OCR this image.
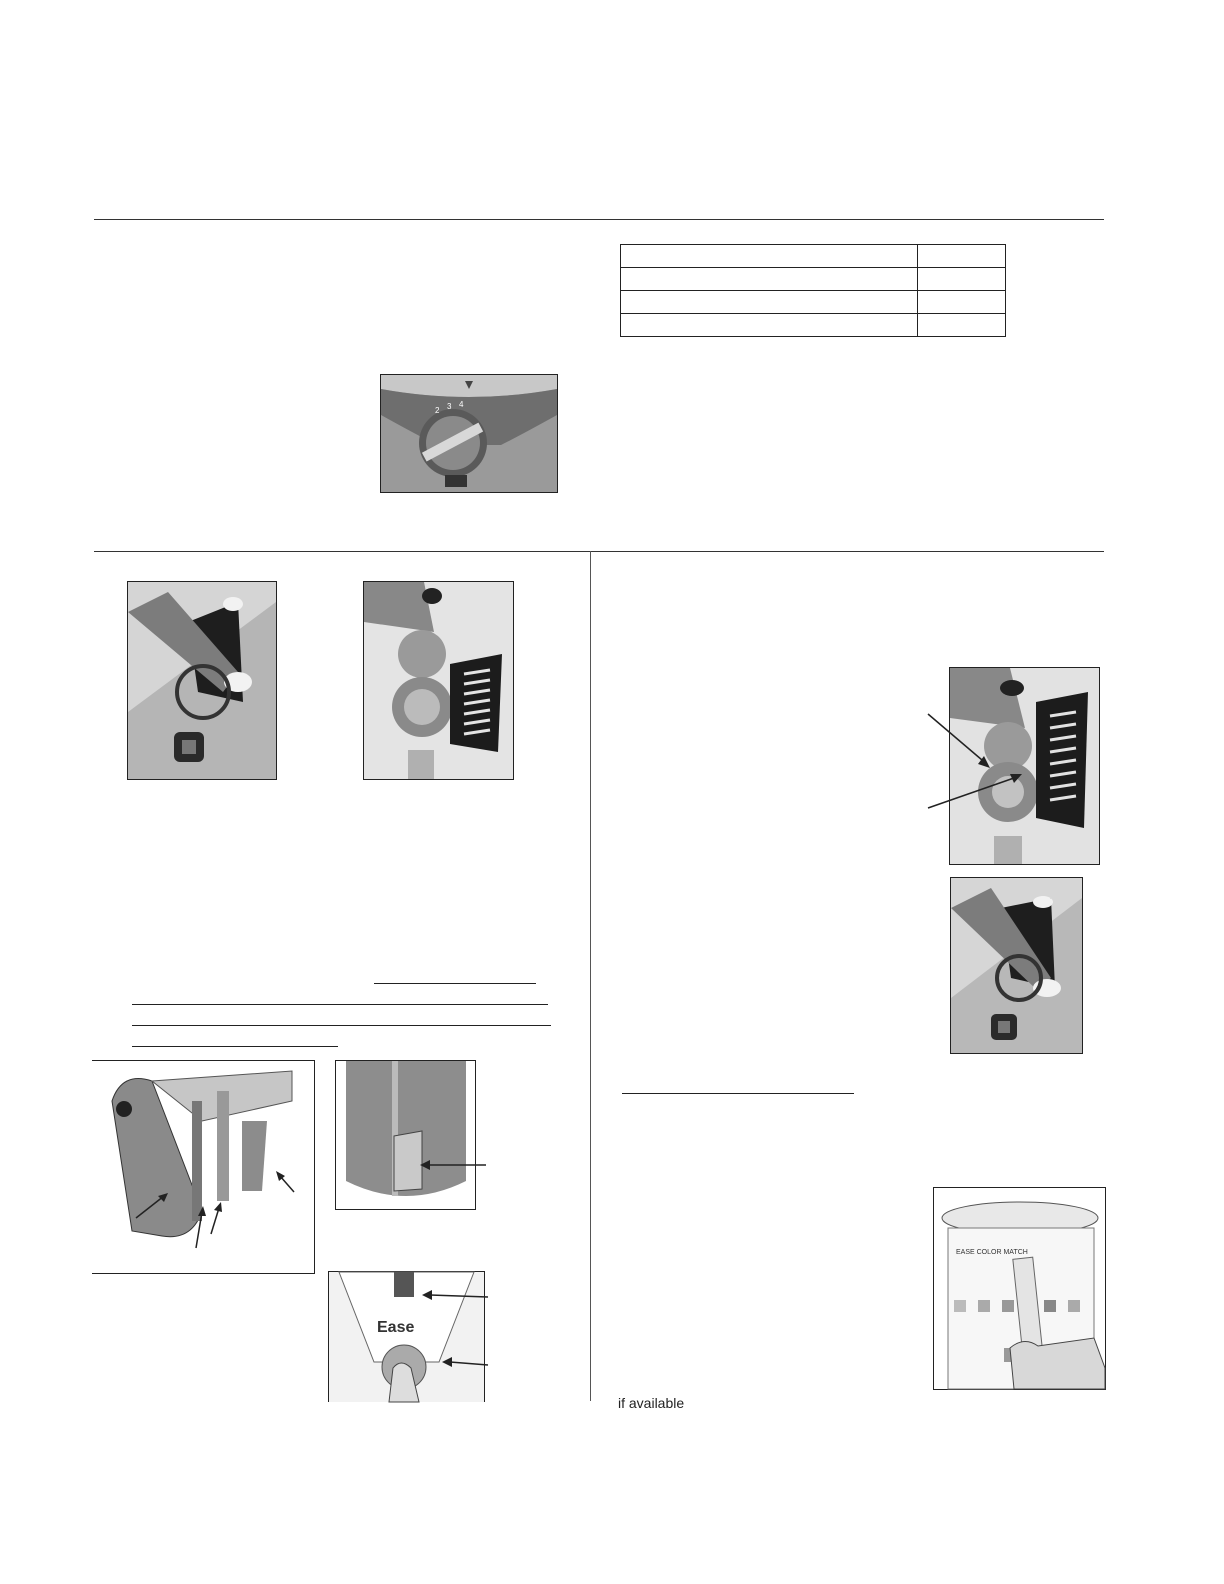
2 3 4
Ease
EASE COLOR MATCH
if available
